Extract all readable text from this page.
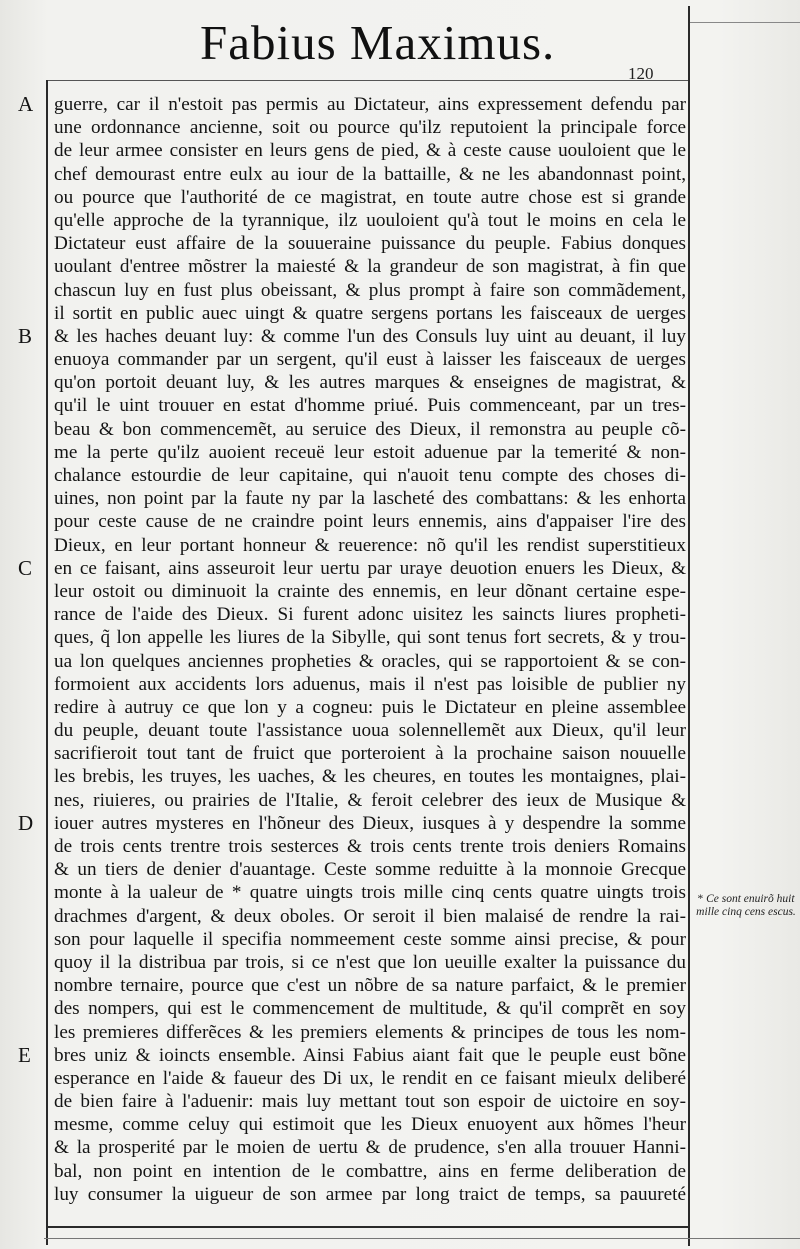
Fabius Maximus.
120
A
B
C
D
E
guerre, car il n'estoit pas permis au Dictateur, ains expressement defendu par
une ordonnance ancienne, soit ou pource qu'ilz reputoient la principale force
de leur armee consister en leurs gens de pied, & à ceste cause uouloient que le
chef demourast entre eulx au iour de la battaille, & ne les abandonnast point,
ou pource que l'authorité de ce magistrat, en toute autre chose est si grande
qu'elle approche de la tyrannique, ilz uouloient qu'à tout le moins en cela le
Dictateur eust affaire de la souueraine puissance du peuple. Fabius donques
uoulant d'entree mõstrer la maiesté & la grandeur de son magistrat, à fin que
chascun luy en fust plus obeissant, & plus prompt à faire son commãdement,
il sortit en public auec uingt & quatre sergens portans les faisceaux de uerges
& les haches deuant luy: & comme l'un des Consuls luy uint au deuant, il luy
enuoya commander par un sergent, qu'il eust à laisser les faisceaux de uerges
qu'on portoit deuant luy, & les autres marques & enseignes de magistrat, &
qu'il le uint trouuer en estat d'homme priué. Puis commenceant, par un tres-
beau & bon commencemẽt, au seruice des Dieux, il remonstra au peuple cõ-
me la perte qu'ilz auoient receuë leur estoit aduenue par la temerité & non-
chalance estourdie de leur capitaine, qui n'auoit tenu compte des choses di-
uines, non point par la faute ny par la lascheté des combattans: & les enhorta
pour ceste cause de ne craindre point leurs ennemis, ains d'appaiser l'ire des
Dieux, en leur portant honneur & reuerence: nõ qu'il les rendist superstitieux
en ce faisant, ains asseuroit leur uertu par uraye deuotion enuers les Dieux, &
leur ostoit ou diminuoit la crainte des ennemis, en leur dõnant certaine espe-
rance de l'aide des Dieux. Si furent adonc uisitez les saincts liures propheti-
ques, q̃ lon appelle les liures de la Sibylle, qui sont tenus fort secrets, & y trou-
ua lon quelques anciennes propheties & oracles, qui se rapportoient & se con-
formoient aux accidents lors aduenus, mais il n'est pas loisible de publier ny
redire à autruy ce que lon y a cogneu: puis le Dictateur en pleine assemblee
du peuple, deuant toute l'assistance uoua solennellemẽt aux Dieux, qu'il leur
sacrifieroit tout tant de fruict que porteroient à la prochaine saison nouuelle
les brebis, les truyes, les uaches, & les cheures, en toutes les montaignes, plai-
nes, riuieres, ou prairies de l'Italie, & feroit celebrer des ieux de Musique &
iouer autres mysteres en l'hõneur des Dieux, iusques à y despendre la somme
de trois cents trentre trois sesterces & trois cents trente trois deniers Romains
& un tiers de denier d'auantage. Ceste somme reduitte à la monnoie Grecque
monte à la ualeur de * quatre uingts trois mille cinq cents quatre uingts trois
drachmes d'argent, & deux oboles. Or seroit il bien malaisé de rendre la rai-
son pour laquelle il specifia nommeement ceste somme ainsi precise, & pour
quoy il la distribua par trois, si ce n'est que lon ueuille exalter la puissance du
nombre ternaire, pource que c'est un nõbre de sa nature parfaict, & le premier
des nompers, qui est le commencement de multitude, & qu'il comprẽt en soy
les premieres differẽces & les premiers elements & principes de tous les nom-
bres uniz & ioincts ensemble. Ainsi Fabius aiant fait que le peuple eust bõne
esperance en l'aide & faueur des Di ux, le rendit en ce faisant mieulx deliberé
de bien faire à l'aduenir: mais luy mettant tout son espoir de uictoire en soy-
mesme, comme celuy qui estimoit que les Dieux enuoyent aux hõmes l'heur
& la prosperité par le moien de uertu & de prudence, s'en alla trouuer Hanni-
bal, non point en intention de le combattre, ains en ferme deliberation de
luy consumer la uigueur de son armee par long traict de temps, sa pauureté
* Ce sont enuirõ huit mille cinq cens escus.
